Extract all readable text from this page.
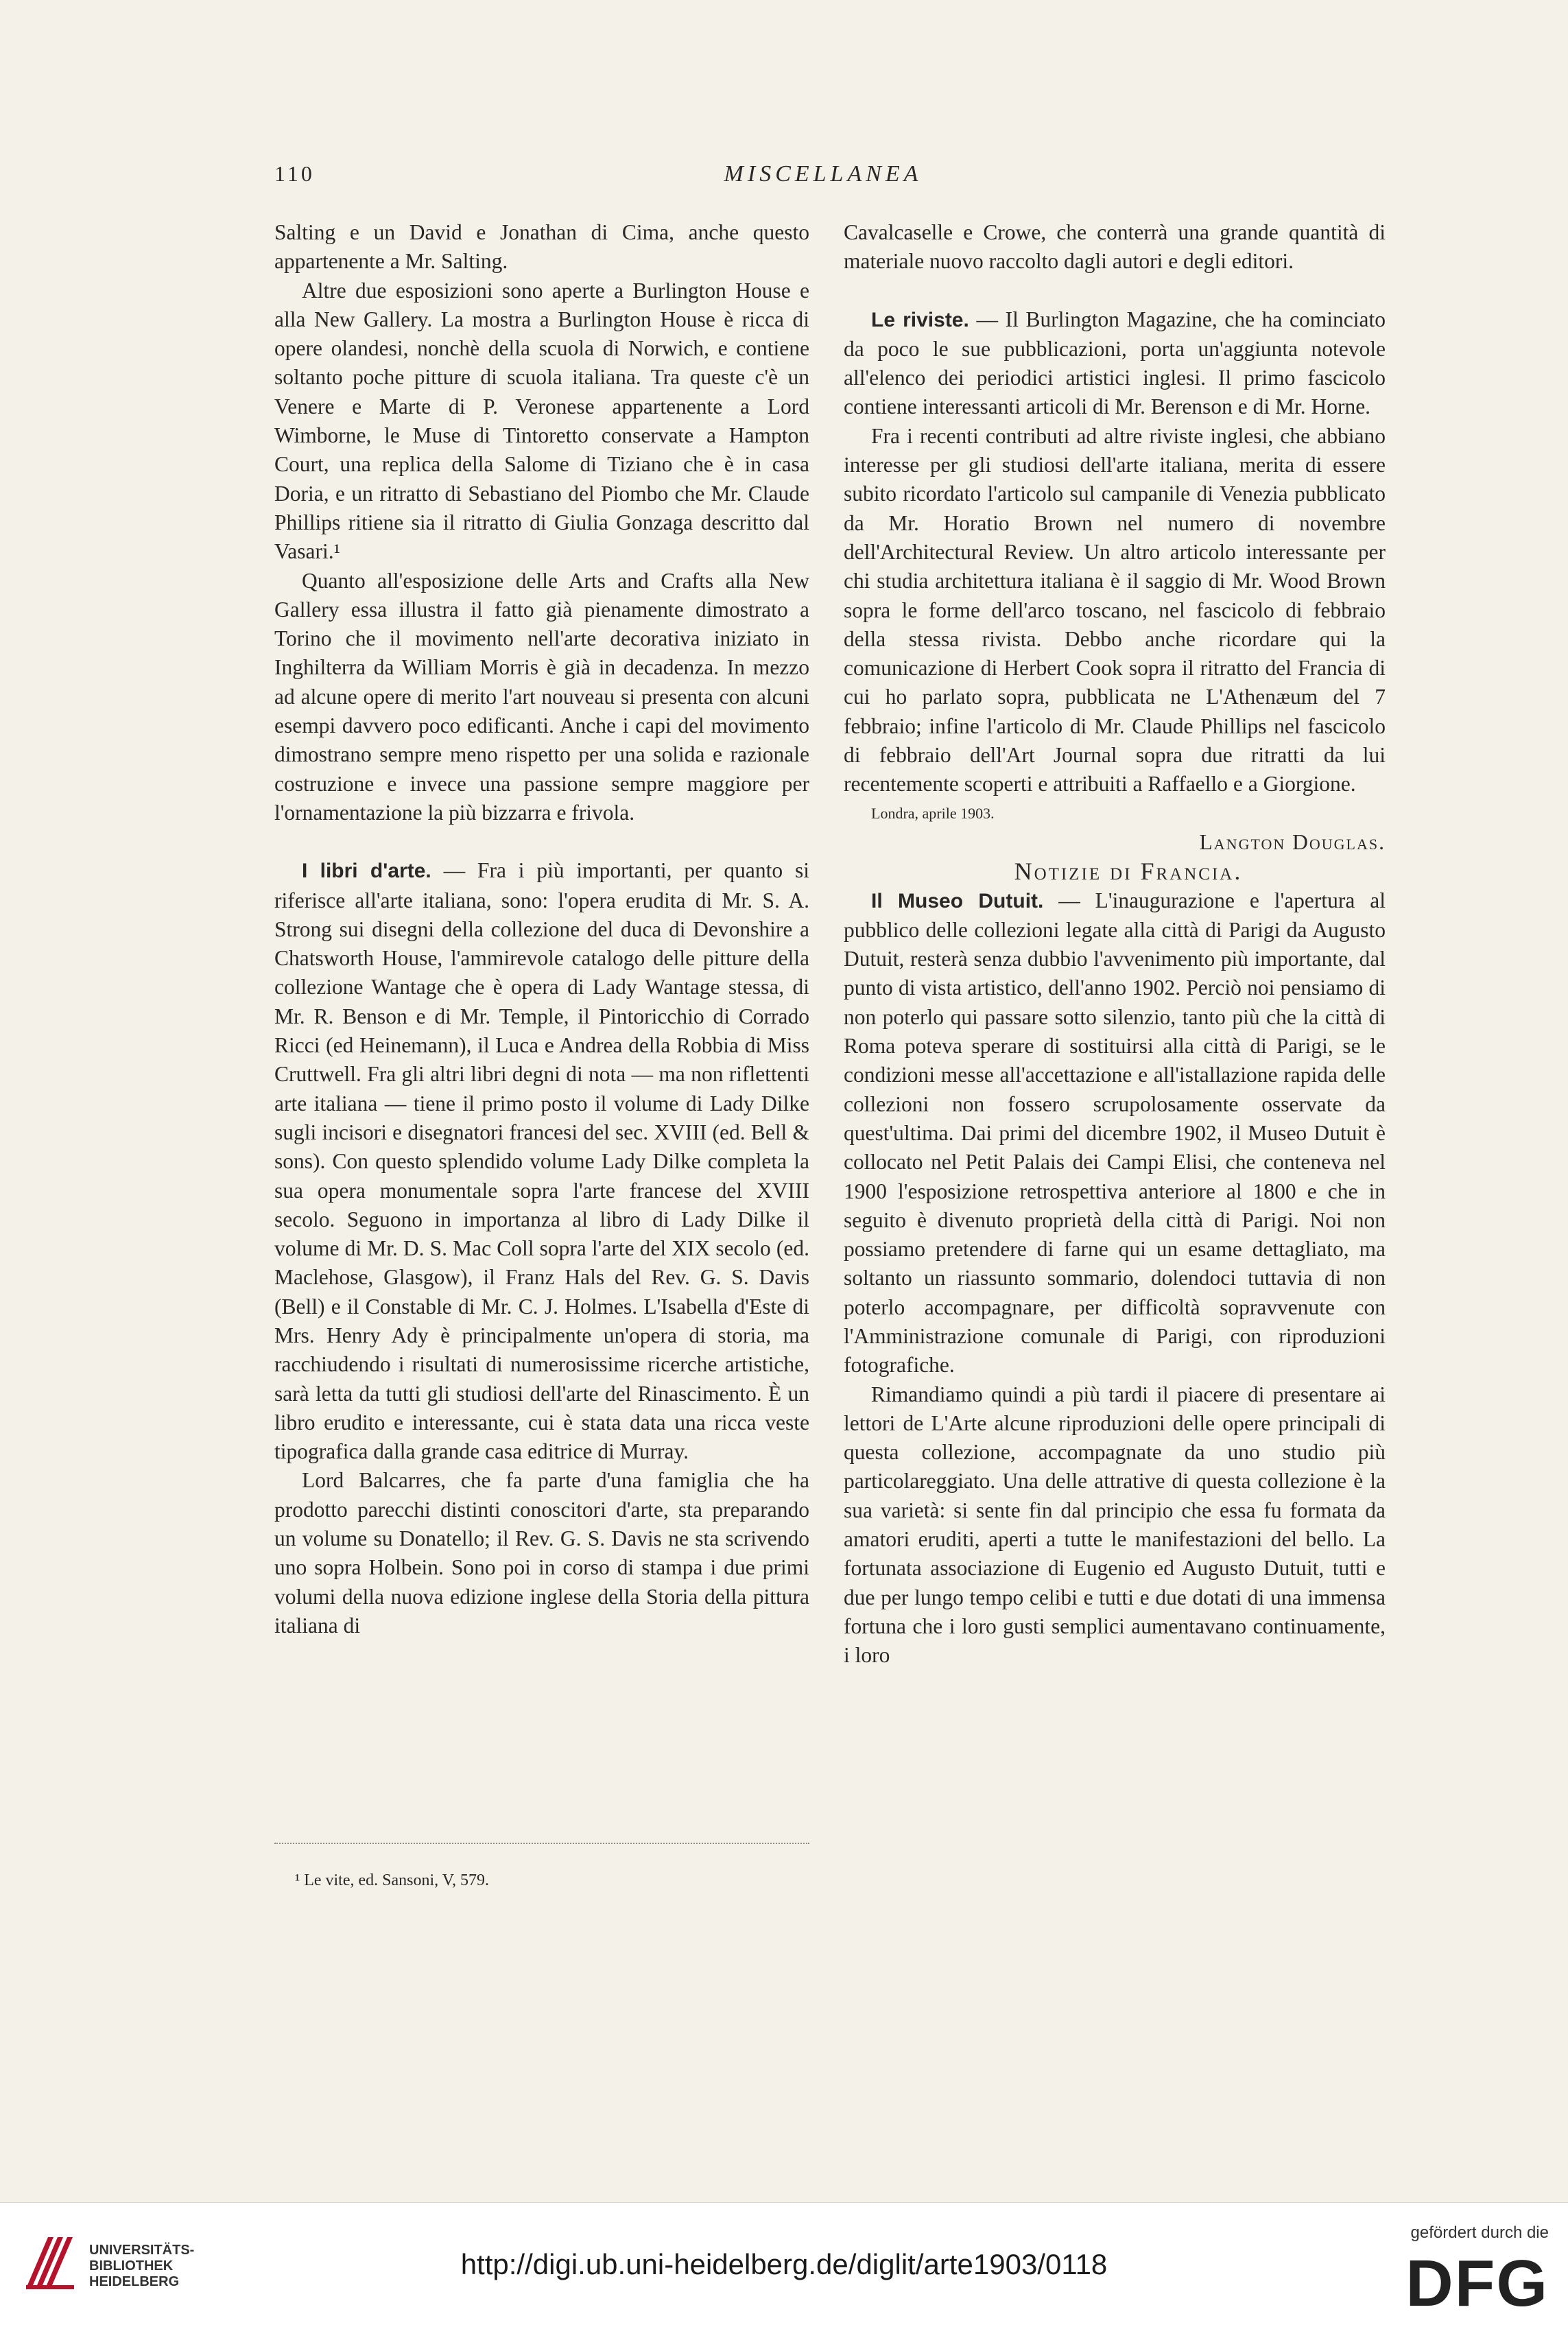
110	MISCELLANEA

Salting e un David e Jonathan di Cima, anche questo appartenente a Mr. Salting.

Altre due esposizioni sono aperte a Burlington House e alla New Gallery. La mostra a Burlington House è ricca di opere olandesi, nonchè della scuola di Norwich, e contiene soltanto poche pitture di scuola italiana. Tra queste c'è un Venere e Marte di P. Veronese appartenente a Lord Wimborne, le Muse di Tintoretto conservate a Hampton Court, una replica della Salome di Tiziano che è in casa Doria, e un ritratto di Sebastiano del Piombo che Mr. Claude Phillips ritiene sia il ritratto di Giulia Gonzaga descritto dal Vasari.¹

Quanto all'esposizione delle Arts and Crafts alla New Gallery essa illustra il fatto già pienamente dimostrato a Torino che il movimento nell'arte decorativa iniziato in Inghilterra da William Morris è già in decadenza. In mezzo ad alcune opere di merito l'art nouveau si presenta con alcuni esempi davvero poco edificanti. Anche i capi del movimento dimostrano sempre meno rispetto per una solida e razionale costruzione e invece una passione sempre maggiore per l'ornamentazione la più bizzarra e frivola.

I libri d'arte. — Fra i più importanti, per quanto si riferisce all'arte italiana, sono: l'opera erudita di Mr. S. A. Strong sui disegni della collezione del duca di Devonshire a Chatsworth House, l'ammirevole catalogo delle pitture della collezione Wantage che è opera di Lady Wantage stessa, di Mr. R. Benson e di Mr. Temple, il Pintoricchio di Corrado Ricci (ed Heinemann), il Luca e Andrea della Robbia di Miss Cruttwell. Fra gli altri libri degni di nota — ma non riflettenti arte italiana — tiene il primo posto il volume di Lady Dilke sugli incisori e disegnatori francesi del sec. XVIII (ed. Bell & sons). Con questo splendido volume Lady Dilke completa la sua opera monumentale sopra l'arte francese del XVIII secolo. Seguono in importanza al libro di Lady Dilke il volume di Mr. D. S. Mac Coll sopra l'arte del XIX secolo (ed. Maclehose, Glasgow), il Franz Hals del Rev. G. S. Davis (Bell) e il Constable di Mr. C. J. Holmes. L'Isabella d'Este di Mrs. Henry Ady è principalmente un'opera di storia, ma racchiudendo i risultati di numerosissime ricerche artistiche, sarà letta da tutti gli studiosi dell'arte del Rinascimento. È un libro erudito e interessante, cui è stata data una ricca veste tipografica dalla grande casa editrice di Murray.

Lord Balcarres, che fa parte d'una famiglia che ha prodotto parecchi distinti conoscitori d'arte, sta preparando un volume su Donatello; il Rev. G. S. Davis ne sta scrivendo uno sopra Holbein. Sono poi in corso di stampa i due primi volumi della nuova edizione inglese della Storia della pittura italiana di

¹ Le vite, ed. Sansoni, V, 579.

Cavalcaselle e Crowe, che conterrà una grande quantità di materiale nuovo raccolto dagli autori e degli editori.

Le riviste. — Il Burlington Magazine, che ha cominciato da poco le sue pubblicazioni, porta un'aggiunta notevole all'elenco dei periodici artistici inglesi. Il primo fascicolo contiene interessanti articoli di Mr. Berenson e di Mr. Horne.

Fra i recenti contributi ad altre riviste inglesi, che abbiano interesse per gli studiosi dell'arte italiana, merita di essere subito ricordato l'articolo sul campanile di Venezia pubblicato da Mr. Horatio Brown nel numero di novembre dell'Architectural Review. Un altro articolo interessante per chi studia architettura italiana è il saggio di Mr. Wood Brown sopra le forme dell'arco toscano, nel fascicolo di febbraio della stessa rivista. Debbo anche ricordare qui la comunicazione di Herbert Cook sopra il ritratto del Francia di cui ho parlato sopra, pubblicata ne L'Athenæum del 7 febbraio; infine l'articolo di Mr. Claude Phillips nel fascicolo di febbraio dell'Art Journal sopra due ritratti da lui recentemente scoperti e attribuiti a Raffaello e a Giorgione.

Londra, aprile 1903.

Langton Douglas.

Notizie di Francia.

Il Museo Dutuit. — L'inaugurazione e l'apertura al pubblico delle collezioni legate alla città di Parigi da Augusto Dutuit, resterà senza dubbio l'avvenimento più importante, dal punto di vista artistico, dell'anno 1902. Perciò noi pensiamo di non poterlo qui passare sotto silenzio, tanto più che la città di Roma poteva sperare di sostituirsi alla città di Parigi, se le condizioni messe all'accettazione e all'istallazione rapida delle collezioni non fossero scrupolosamente osservate da quest'ultima. Dai primi del dicembre 1902, il Museo Dutuit è collocato nel Petit Palais dei Campi Elisi, che conteneva nel 1900 l'esposizione retrospettiva anteriore al 1800 e che in seguito è divenuto proprietà della città di Parigi. Noi non possiamo pretendere di farne qui un esame dettagliato, ma soltanto un riassunto sommario, dolendoci tuttavia di non poterlo accompagnare, per difficoltà sopravvenute con l'Amministrazione comunale di Parigi, con riproduzioni fotografiche.

Rimandiamo quindi a più tardi il piacere di presentare ai lettori de L'Arte alcune riproduzioni delle opere principali di questa collezione, accompagnate da uno studio più particolareggiato. Una delle attrative di questa collezione è la sua varietà: si sente fin dal principio che essa fu formata da amatori eruditi, aperti a tutte le manifestazioni del bello. La fortunata associazione di Eugenio ed Augusto Dutuit, tutti e due per lungo tempo celibi e tutti e due dotati di una immensa fortuna che i loro gusti semplici aumentavano continuamente, i loro

UNIVERSITÄTS-
BIBLIOTHEK
HEIDELBERG
http://digi.ub.uni-heidelberg.de/diglit/arte1903/0118
gefördert durch die
DFG
